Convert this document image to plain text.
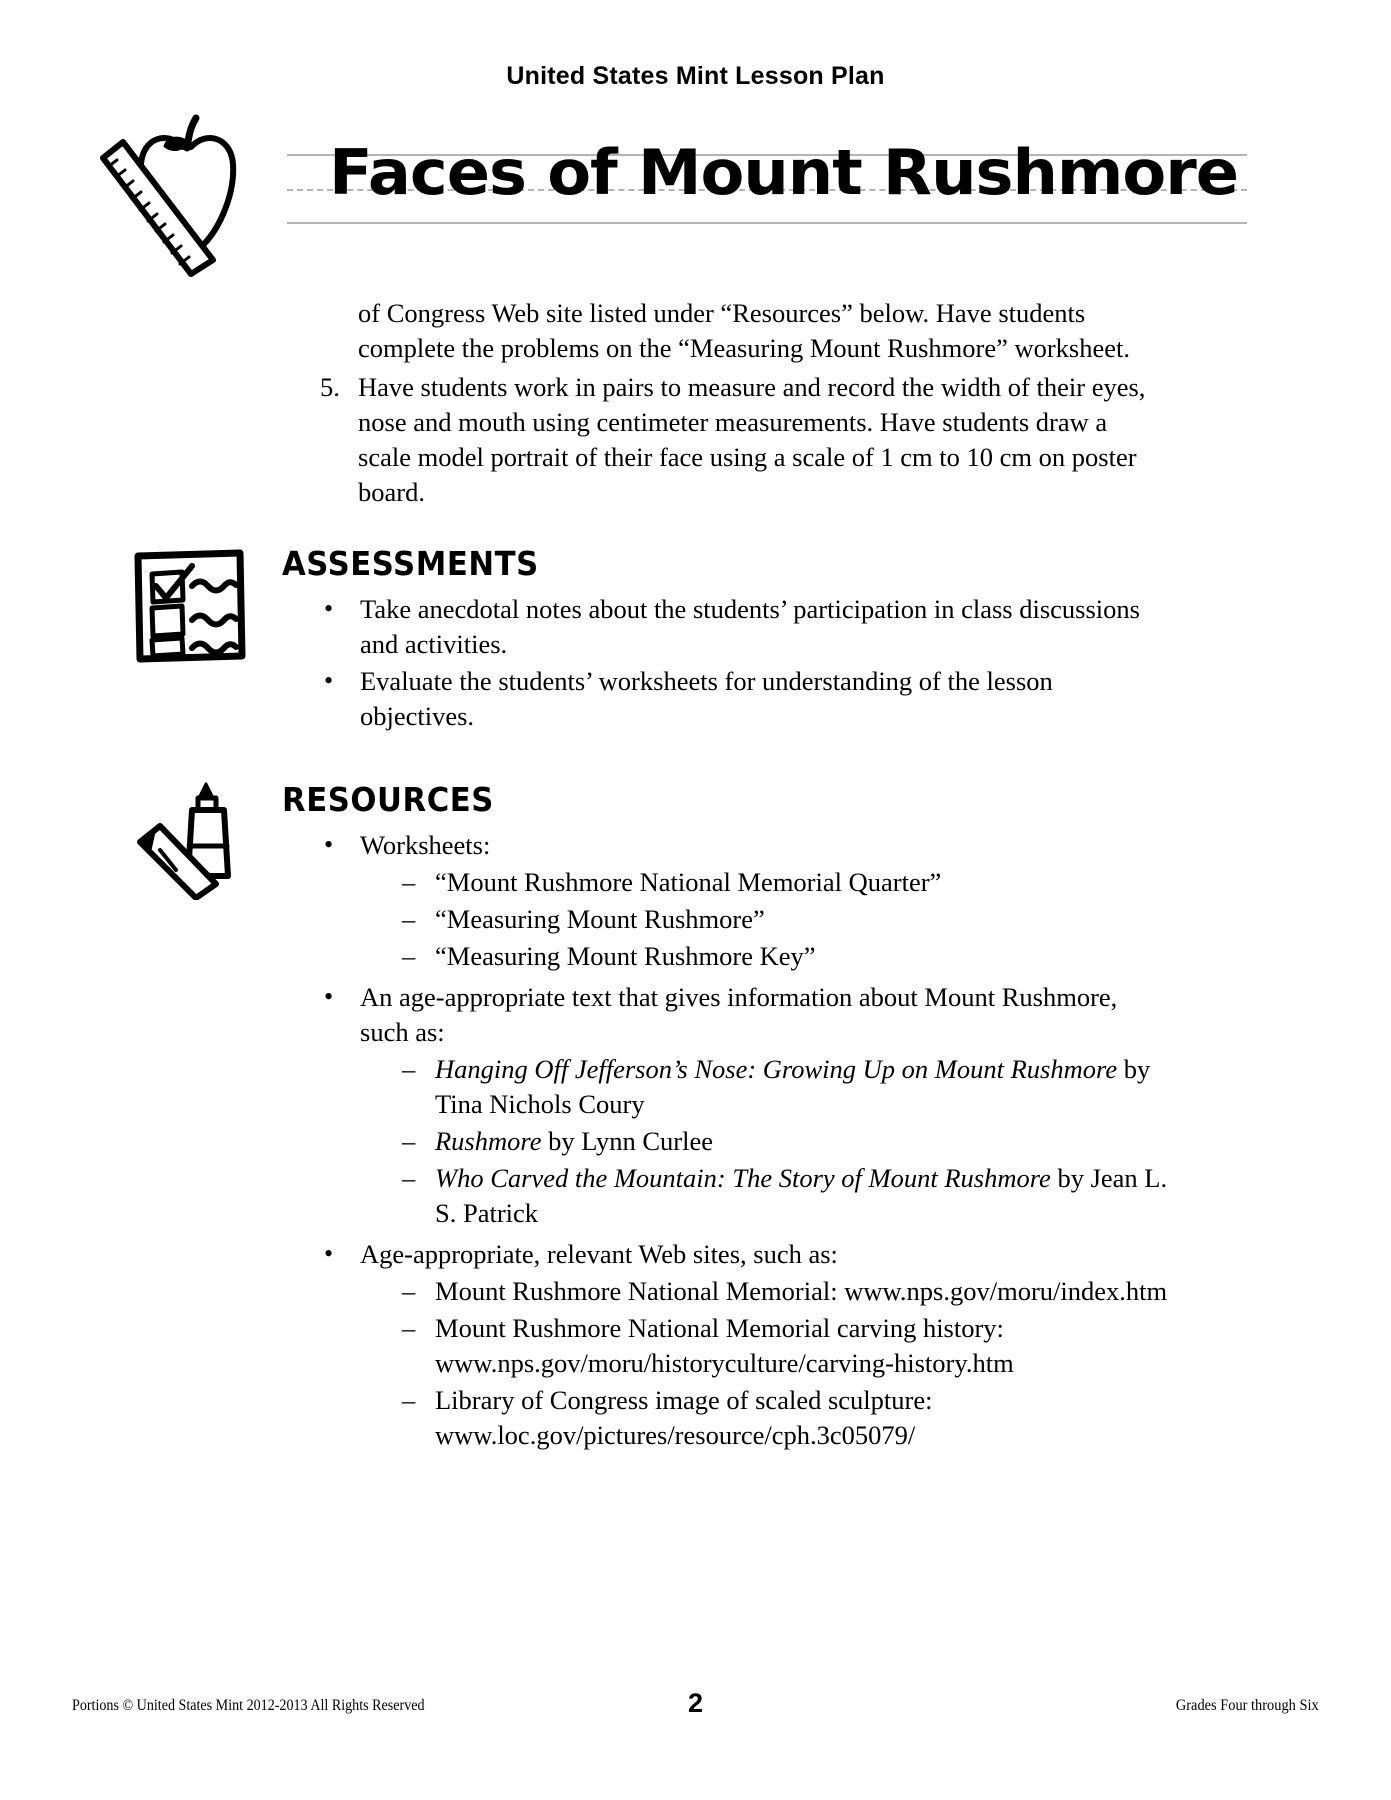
United States Mint Lesson Plan
Faces of Mount Rushmore
of Congress Web site listed under “Resources” below. Have students complete the problems on the “Measuring Mount Rushmore” worksheet.
5. Have students work in pairs to measure and record the width of their eyes, nose and mouth using centimeter measurements. Have students draw a scale model portrait of their face using a scale of 1 cm to 10 cm on poster board.
ASSESSMENTS
• Take anecdotal notes about the students’ participation in class discussions and activities.
• Evaluate the students’ worksheets for understanding of the lesson objectives.
RESOURCES
• Worksheets:
– “Mount Rushmore National Memorial Quarter”
– “Measuring Mount Rushmore”
– “Measuring Mount Rushmore Key”
• An age-appropriate text that gives information about Mount Rushmore, such as:
– Hanging Off Jefferson’s Nose: Growing Up on Mount Rushmore by Tina Nichols Coury
– Rushmore by Lynn Curlee
– Who Carved the Mountain: The Story of Mount Rushmore by Jean L. S. Patrick
• Age-appropriate, relevant Web sites, such as:
– Mount Rushmore National Memorial: www.nps.gov/moru/index.htm
– Mount Rushmore National Memorial carving history: www.nps.gov/moru/historyculture/carving-history.htm
– Library of Congress image of scaled sculpture: www.loc.gov/pictures/resource/cph.3c05079/
Portions © United States Mint 2012-2013 All Rights Reserved	2	Grades Four through Six
